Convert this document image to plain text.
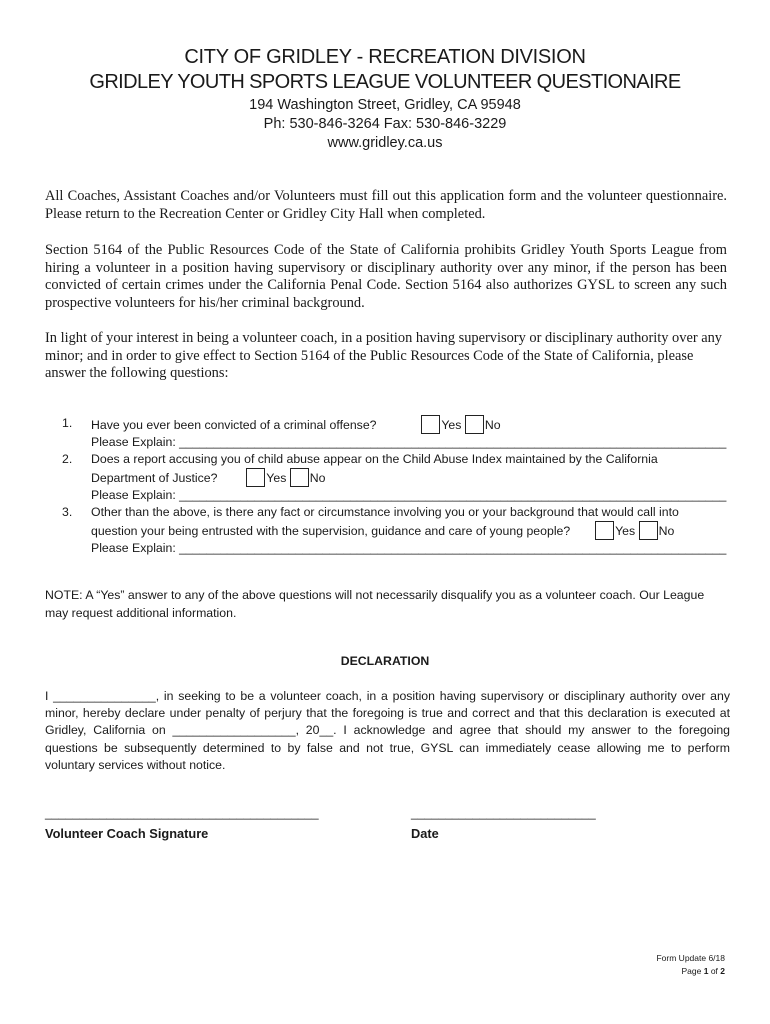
CITY OF GRIDLEY - RECREATION DIVISION
GRIDLEY YOUTH SPORTS LEAGUE VOLUNTEER QUESTIONAIRE
194 Washington Street, Gridley, CA 95948
Ph: 530-846-3264 Fax: 530-846-3229
www.gridley.ca.us
All Coaches, Assistant Coaches and/or Volunteers must fill out this application form and the volunteer questionnaire. Please return to the Recreation Center or Gridley City Hall when completed.
Section 5164 of the Public Resources Code of the State of California prohibits Gridley Youth Sports League from hiring a volunteer in a position having supervisory or disciplinary authority over any minor, if the person has been convicted of certain crimes under the California Penal Code. Section 5164 also authorizes GYSL to screen any such prospective volunteers for his/her criminal background.
In light of your interest in being a volunteer coach, in a position having supervisory or disciplinary authority over any minor; and in order to give effect to Section 5164 of the Public Resources Code of the State of California, please answer the following questions:
1.	Have you ever been convicted of a criminal offense?	Yes No
Please Explain: ________________________________________________________________________________
2.	Does a report accusing you of child abuse appear on the Child Abuse Index maintained by the California
Department of Justice?	Yes No
Please Explain: ________________________________________________________________________________
3.	Other than the above, is there any fact or circumstance involving you or your background that would call into
question your being entrusted with the supervision, guidance and care of young people?	Yes No
Please Explain: ________________________________________________________________________________
NOTE: A “Yes” answer to any of the above questions will not necessarily disqualify you as a volunteer coach. Our League may request additional information.
DECLARATION
I _______________, in seeking to be a volunteer coach, in a position having supervisory or disciplinary authority over any minor, hereby declare under penalty of perjury that the foregoing is true and correct and that this declaration is executed at Gridley, California on __________________, 20__. I acknowledge and agree that should my answer to the foregoing questions be subsequently determined to by false and not true, GYSL can immediately cease allowing me to perform voluntary services without notice.
________________________________________
Volunteer Coach Signature
___________________________
Date
Form Update 6/18
Page 1 of 2
